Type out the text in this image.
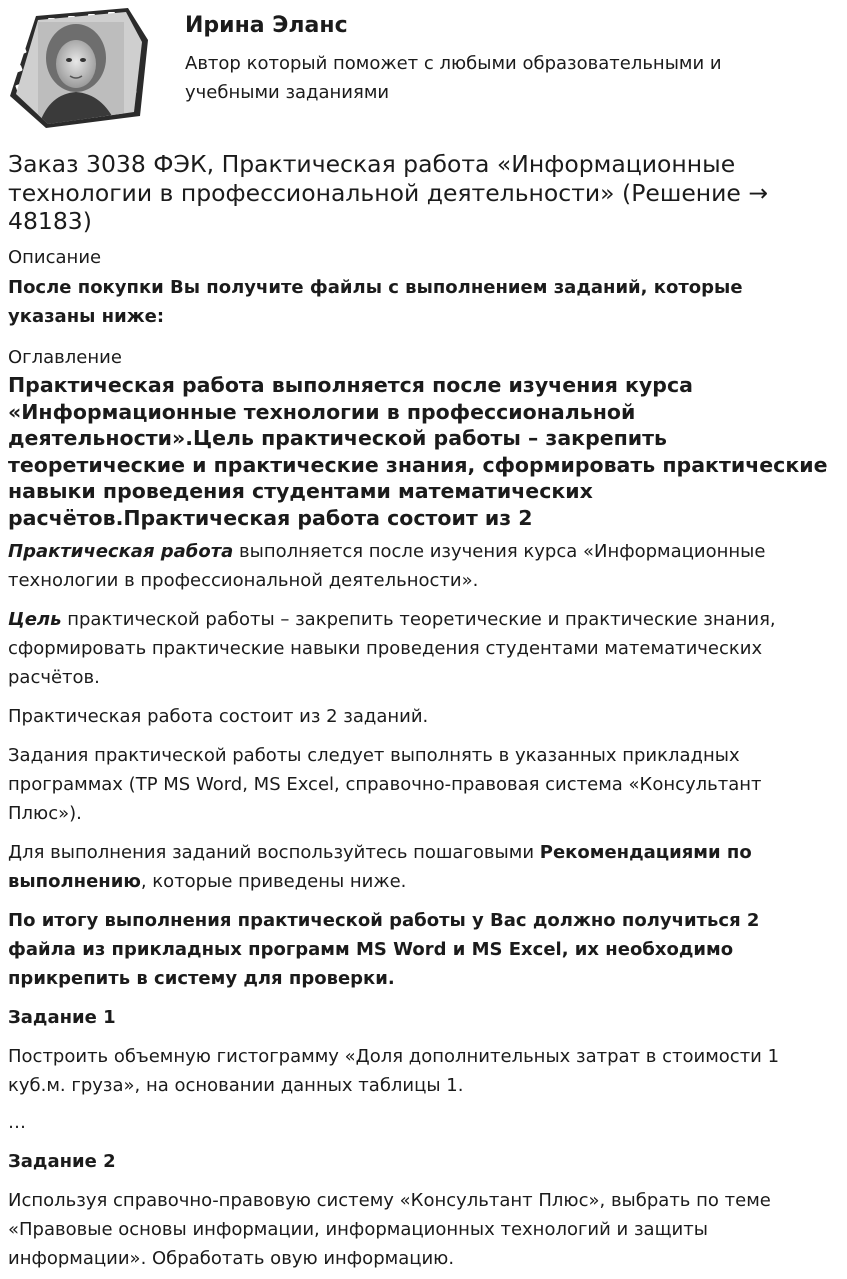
Ирина Эланс

Автор который поможет с любыми образовательными и учебными заданиями

Заказ 3038 ФЭК, Практическая работа «Информационные технологии в профессиональной деятельности» (Решение → 48183)

Описание

После покупки Вы получите файлы с выполнением заданий, которые указаны ниже:

Оглавление

Практическая работа выполняется после изучения курса «Информационные технологии в профессиональной деятельности».Цель практической работы – закрепить теоретические и практические знания, сформировать практические навыки проведения студентами математических расчётов.Практическая работа состоит из 2

Практическая работа выполняется после изучения курса «Информационные технологии в профессиональной деятельности».

Цель практической работы – закрепить теоретические и практические знания, сформировать практические навыки проведения студентами математических расчётов.

Практическая работа состоит из 2 заданий.

Задания практической работы следует выполнять в указанных прикладных программах (ТР MS Word, MS Excel, справочно-правовая система «Консультант Плюс»).

Для выполнения заданий воспользуйтесь пошаговыми Рекомендациями по выполнению, которые приведены ниже.

По итогу выполнения практической работы у Вас должно получиться 2 файла из прикладных программ MS Word и MS Excel, их необходимо прикрепить в систему для проверки.

Задание 1

Построить объемную гистограмму «Доля дополнительных затрат в стоимости 1 куб.м. груза», на основании данных таблицы 1.

…

Задание 2

Используя справочно-правовую систему «Консультант Плюс», выбрать по теме «Правовые основы информации, информационных технологий и защиты информации». Обработать овую информацию.
